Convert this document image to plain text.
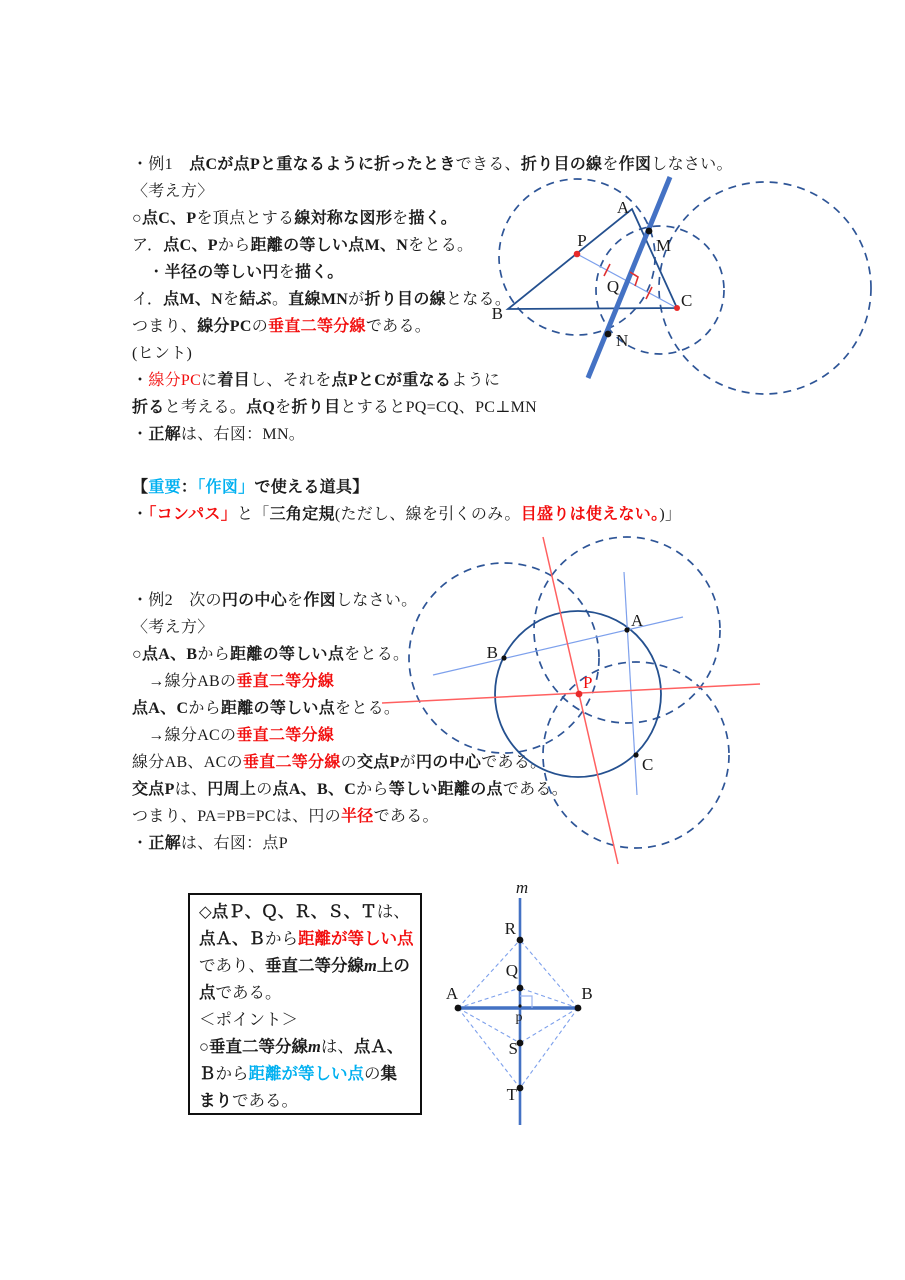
・例1　点Cが点Pと重なるように折ったときできる、折り目の線を作図しなさい。
〈考え方〉
○点C、Pを頂点とする線対称な図形を描く。
ア．点C、Pから距離の等しい点M、Nをとる。
　・半径の等しい円を描く。
イ．点M、Nを結ぶ。直線MNが折り目の線となる。
つまり、線分PCの垂直二等分線である。
(ヒント)
・線分PCに着目し、それを点PとCが重なるように
折ると考える。点Qを折り目とするとPQ=CQ、PC⊥MN
・正解は、右図：MN。
A
P	M
Q
C
B
N
【重要：「作図」で使える道具】
・「コンパス」と「三角定規(ただし、線を引くのみ。目盛りは使えない。)」
・例2　次の円の中心を作図しなさい。
〈考え方〉
○点A、Bから距離の等しい点をとる。
　→線分ABの垂直二等分線
点A、Cから距離の等しい点をとる。
　→線分ACの垂直二等分線
線分AB、ACの垂直二等分線の交点Pが円の中心である。
交点Pは、円周上の点A、B、Cから等しい距離の点である。
つまり、PA=PB=PCは、円の半径である。
・正解は、右図：点P
A
B
C
P
◇点Ｐ、Ｑ、Ｒ、Ｓ、Ｔは、
点Ａ、Ｂから距離が等しい点
であり、垂直二等分線m上の
点である。
＜ポイント＞
○垂直二等分線mは、点Ａ、
Ｂから距離が等しい点の集
まりである。
m
R
Q
A	B
p
S
T
